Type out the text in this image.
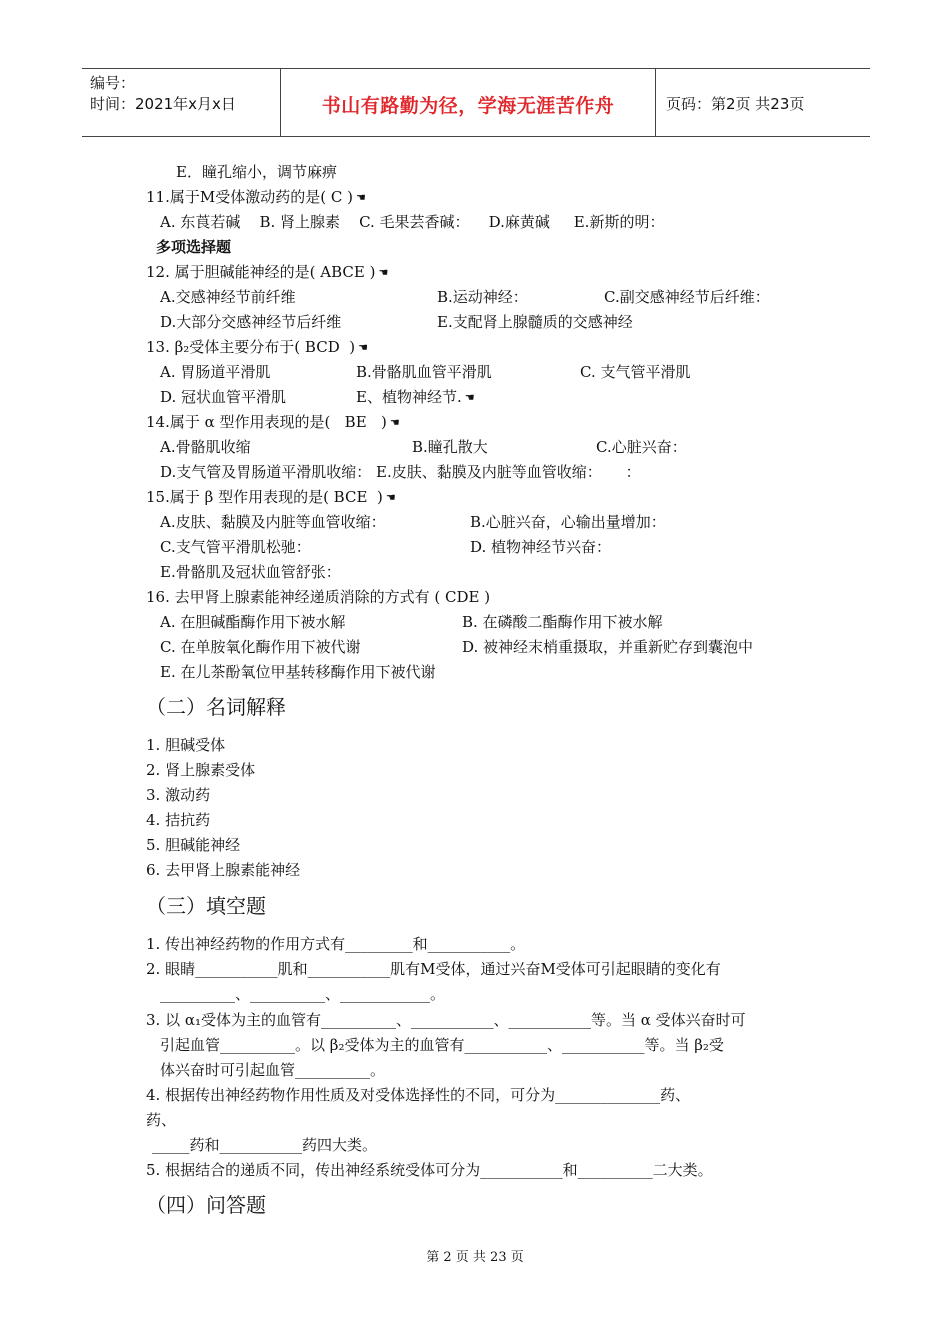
编号：
时间：2021年x月x日	书山有路勤为径，学海无涯苦作舟	页码：第2页 共23页
E．瞳孔缩小，调节麻痹
11.属于M受体激动药的是( C ) ☚
A. 东莨若碱    B. 肾上腺素    C. 毛果芸香碱：    D.麻黄碱     E.新斯的明：
多项选择题
12. 属于胆碱能神经的是( ABCE ) ☚
A.交感神经节前纤维	B.运动神经：	C.副交感神经节后纤维：
D.大部分交感神经节后纤维	E.支配肾上腺髓质的交感神经
13. β₂受体主要分布于( BCD  ) ☚
A. 胃肠道平滑肌	B.骨骼肌血管平滑肌	C. 支气管平滑肌
D. 冠状血管平滑肌	E、植物神经节. ☚
14.属于 α 型作用表现的是(   BE   ) ☚
A.骨骼肌收缩	B.瞳孔散大	C.心脏兴奋：
D.支气管及胃肠道平滑肌收缩： E.皮肤、黏膜及内脏等血管收缩：     ：
15.属于 β 型作用表现的是( BCE  ) ☚
A.皮肤、黏膜及内脏等血管收缩：	B.心脏兴奋，心输出量增加：
C.支气管平滑肌松驰：	D. 植物神经节兴奋：
E.骨骼肌及冠状血管舒张：
16. 去甲肾上腺素能神经递质消除的方式有 ( CDE )
A. 在胆碱酯酶作用下被水解	B. 在磷酸二酯酶作用下被水解
C. 在单胺氧化酶作用下被代谢	D. 被神经末梢重摄取，并重新贮存到囊泡中
E. 在儿茶酚氧位甲基转移酶作用下被代谢
（二）名词解释
1. 胆碱受体
2. 肾上腺素受体
3. 激动药
4. 拮抗药
5. 胆碱能神经
6. 去甲肾上腺素能神经
（三）填空题
1. 传出神经药物的作用方式有_________和___________。
2. 眼睛___________肌和___________肌有M受体，通过兴奋M受体可引起眼睛的变化有
__________、__________、____________。
3. 以 α₁受体为主的血管有__________、___________、___________等。当 α 受体兴奋时可
引起血管__________。以 β₂受体为主的血管有___________、___________等。当 β₂受
体兴奋时可引起血管__________。
4. 根据传出神经药物作用性质及对受体选择性的不同，可分为______________药、
药、
_____药和___________药四大类。
5. 根据结合的递质不同，传出神经系统受体可分为___________和__________二大类。
（四）问答题
第 2 页 共 23 页
